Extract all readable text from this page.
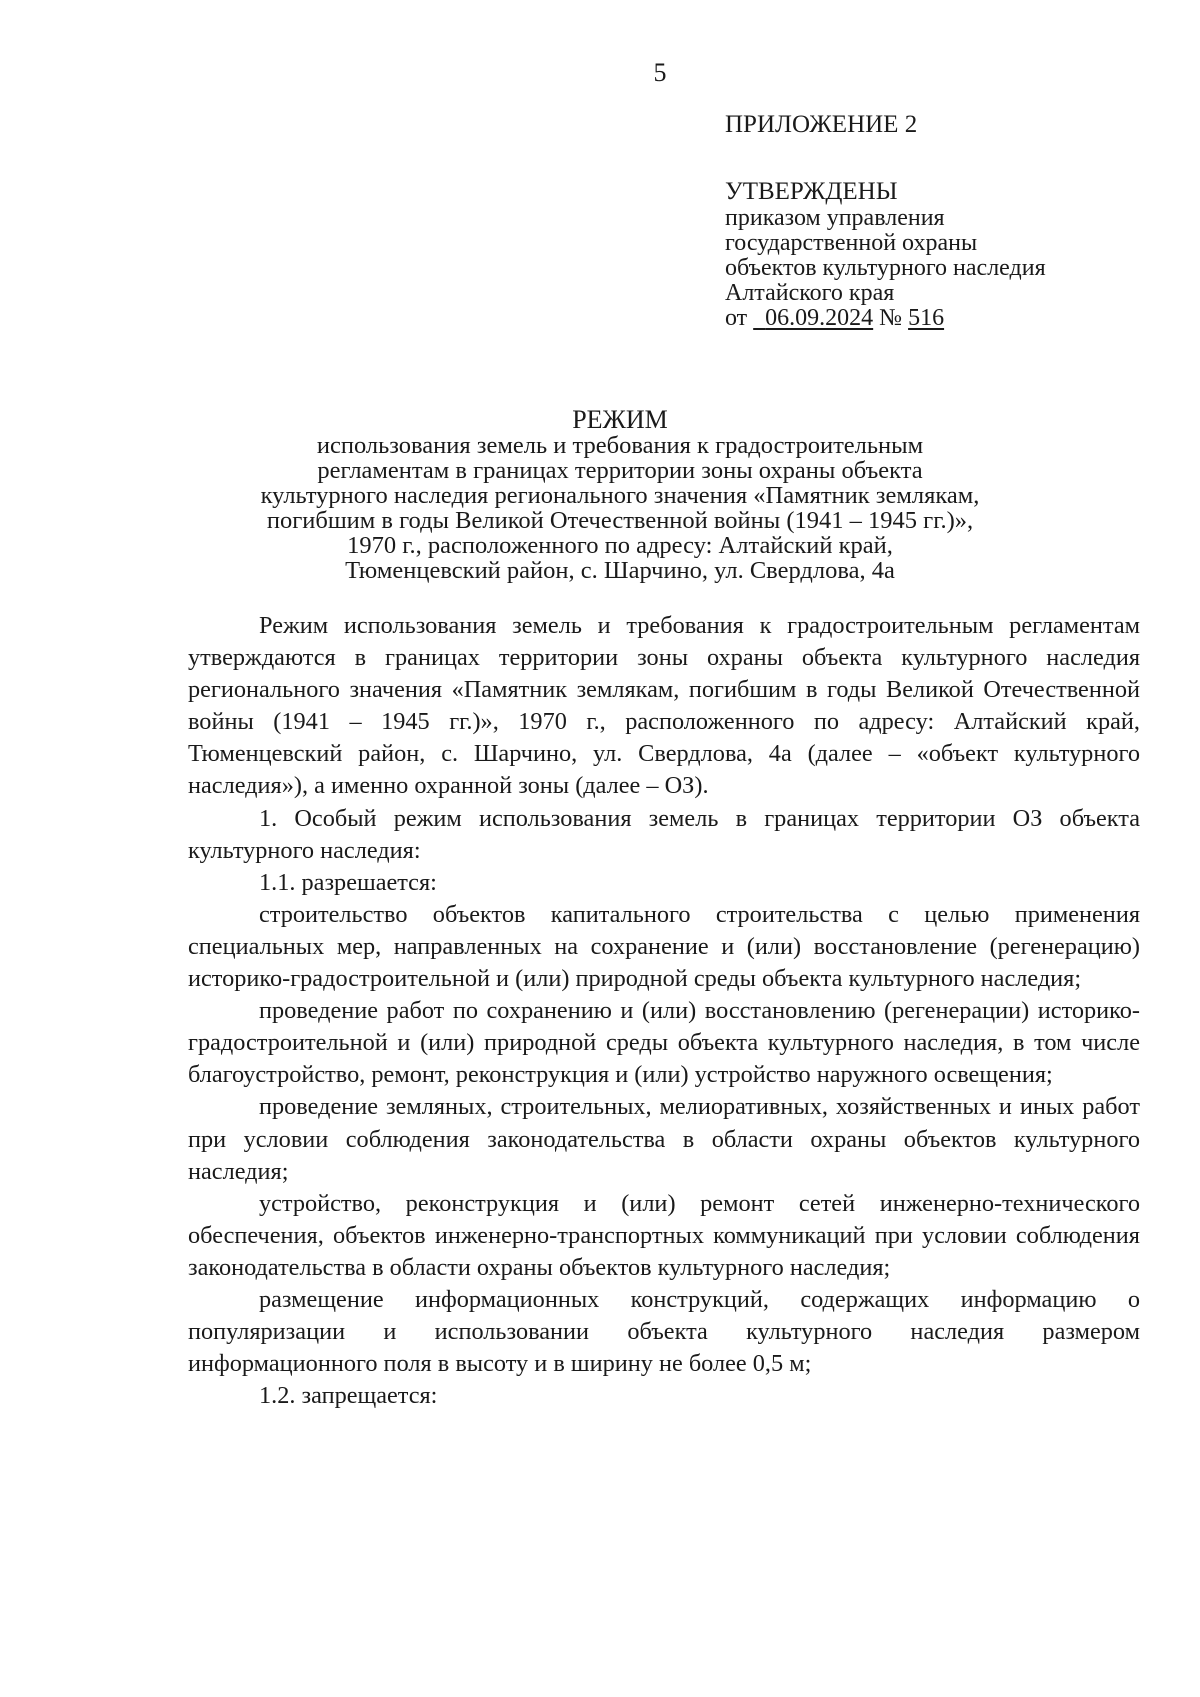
5

ПРИЛОЖЕНИЕ 2

УТВЕРЖДЕНЫ

приказом управления

государственной охраны

объектов культурного наследия

Алтайского края

от 06.09.2024 № 516

РЕЖИМ
использования земель и требования к градостроительным
регламентам в границах территории зоны охраны объекта
культурного наследия регионального значения «Памятник землякам,
погибшим в годы Великой Отечественной войны (1941 – 1945 гг.)»,
1970 г., расположенного по адресу: Алтайский край,
Тюменцевский район, с. Шарчино, ул. Свердлова, 4а

Режим использования земель и требования к градостроительным регламентам утверждаются в границах территории зоны охраны объекта культурного наследия регионального значения «Памятник землякам, погибшим в годы Великой Отечественной войны (1941 – 1945 гг.)», 1970 г., расположенного по адресу: Алтайский край, Тюменцевский район, с. Шарчино, ул. Свердлова, 4а (далее – «объект культурного наследия»), а именно охранной зоны (далее – ОЗ).

1. Особый режим использования земель в границах территории ОЗ объекта культурного наследия:

1.1. разрешается:

строительство объектов капитального строительства с целью применения специальных мер, направленных на сохранение и (или) восстановление (регенерацию) историко-градостроительной и (или) природной среды объекта культурного наследия;

проведение работ по сохранению и (или) восстановлению (регенерации) историко-градостроительной и (или) природной среды объекта культурного наследия, в том числе благоустройство, ремонт, реконструкция и (или) устройство наружного освещения;

проведение земляных, строительных, мелиоративных, хозяйственных и иных работ при условии соблюдения законодательства в области охраны объектов культурного наследия;

устройство, реконструкция и (или) ремонт сетей инженерно-технического обеспечения, объектов инженерно-транспортных коммуникаций при условии соблюдения законодательства в области охраны объектов культурного наследия;

размещение информационных конструкций, содержащих информацию о популяризации и использовании объекта культурного наследия размером информационного поля в высоту и в ширину не более 0,5 м;

1.2. запрещается:
